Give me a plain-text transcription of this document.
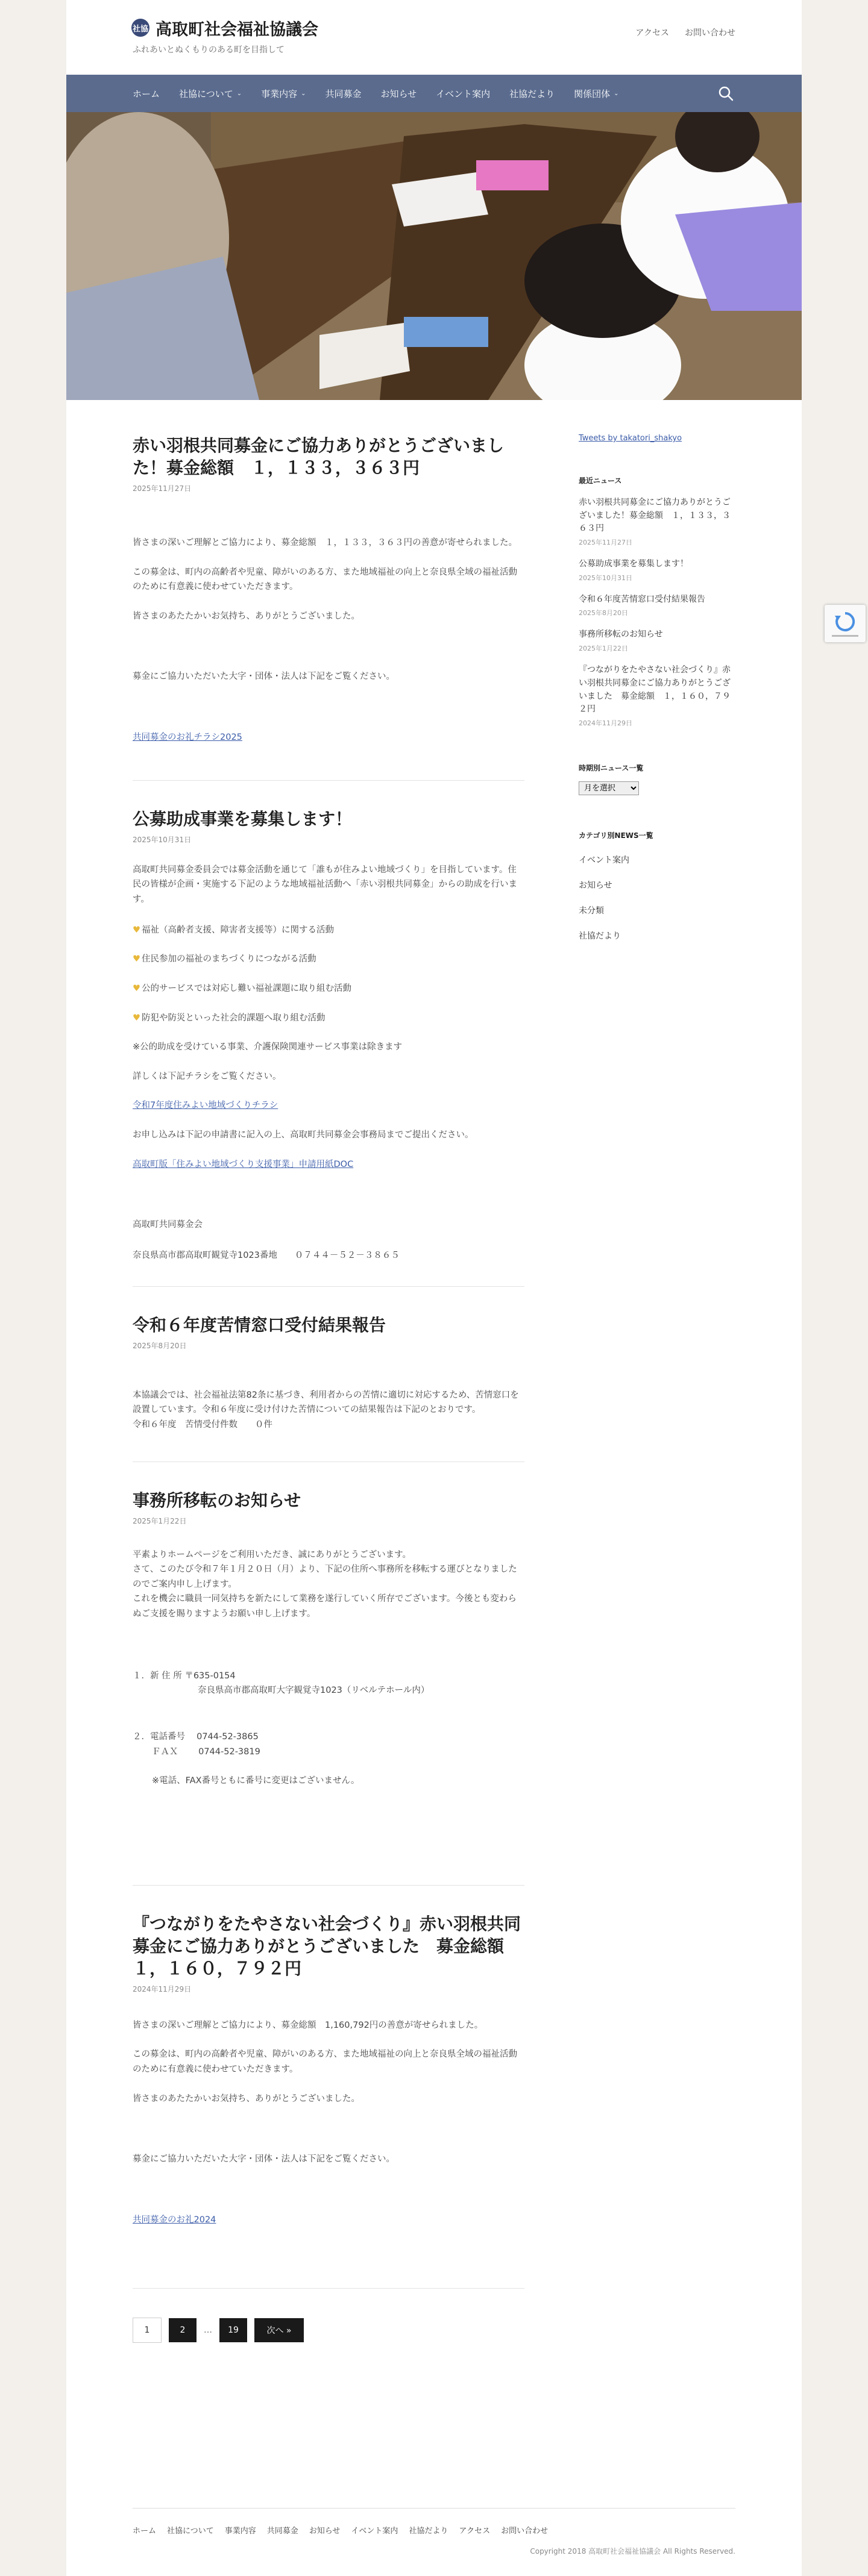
社協 高取町社会福祉協議会
ふれあいとぬくもりのある町を目指して
アクセス お問い合わせ
ホーム 社協について ⌄ 事業内容 ⌄ 共同募金 お知らせ イベント案内 社協だより 関係団体 ⌄
赤い羽根共同募金にご協力ありがとうございました！募金総額　１，１３３，３６３円
2025年11月27日

皆さまの深いご理解とご協力により、募金総額　１，１３３，３６３円の善意が寄せられました。

この募金は、町内の高齢者や児童、障がいのある方、また地域福祉の向上と奈良県全域の福祉活動のために有意義に使わせていただきます。

皆さまのあたたかいお気持ち、ありがとうございました。

募金にご協力いただいた大字・団体・法人は下記をご覧ください。

共同募金のお礼チラシ2025

公募助成事業を募集します！
2025年10月31日

高取町共同募金委員会では募金活動を通じて「誰もが住みよい地域づくり」を目指しています。住民の皆様が企画・実施する下記のような地域福祉活動へ「赤い羽根共同募金」からの助成を行います。

♥ 福祉（高齢者支援、障害者支援等）に関する活動

♥ 住民参加の福祉のまちづくりにつながる活動

♥ 公的サービスでは対応し難い福祉課題に取り組む活動

♥ 防犯や防災といった社会的課題へ取り組む活動

※公的助成を受けている事業、介護保険関連サービス事業は除きます

詳しくは下記チラシをご覧ください。

令和7年度住みよい地域づくりチラシ

お申し込みは下記の申請書に記入の上、高取町共同募金会事務局までご提出ください。

高取町版「住みよい地域づくり支援事業」申請用紙DOC

高取町共同募金会

奈良県高市郡高取町観覚寺1023番地　　０７４４－５２－３８６５

令和６年度苦情窓口受付結果報告
2025年8月20日

本協議会では、社会福祉法第82条に基づき、利用者からの苦情に適切に対応するため、苦情窓口を設置しています。令和６年度に受け付けた苦情についての結果報告は下記のとおりです。

令和６年度　苦情受付件数　　０件

事務所移転のお知らせ
2025年1月22日

平素よりホームページをご利用いただき、誠にありがとうございます。

さて、このたび令和７年１月２０日（月）より、下記の住所へ事務所を移転する運びとなりましたのでご案内申し上げます。

これを機会に職員一同気持ちを新たにして業務を遂行していく所存でございます。今後とも変わらぬご支援を賜りますようお願い申し上げます。

１．新 住 所 〒635-0154

奈良県高市郡高取町大字観覚寺1023（リベルテホール内）

２．電話番号　 0744-52-3865

ＦＡＸ　　 0744-52-3819

※電話、FAX番号ともに番号に変更はございません。

『つながりをたやさない社会づくり』赤い羽根共同募金にご協力ありがとうございました　募金総額　１，１６０，７９２円
2024年11月29日

皆さまの深いご理解とご協力により、募金総額　1,160,792円の善意が寄せられました。

この募金は、町内の高齢者や児童、障がいのある方、また地域福祉の向上と奈良県全域の福祉活動のために有意義に使わせていただきます。

皆さまのあたたかいお気持ち、ありがとうございました。

募金にご協力いただいた大字・団体・法人は下記をご覧ください。

共同募金のお礼2024

1	2	…	19	次へ »
Tweets by takatori_shakyo
最近ニュース
赤い羽根共同募金にご協力ありがとうございました！募金総額　１，１３３，３６３円
2025年11月27日
公募助成事業を募集します！
2025年10月31日
令和６年度苦情窓口受付結果報告
2025年8月20日
事務所移転のお知らせ
2025年1月22日
『つながりをたやさない社会づくり』赤い羽根共同募金にご協力ありがとうございました　募金総額　１，１６０，７９２円
2024年11月29日
時期別ニュース一覧
月を選択
カテゴリ別NEWS一覧
イベント案内
お知らせ
未分類
社協だより
ホーム 社協について 事業内容 共同募金 お知らせ イベント案内 社協だより アクセス お問い合わせ
Copyright 2018 高取町社会福祉協議会 All Rights Reserved.
